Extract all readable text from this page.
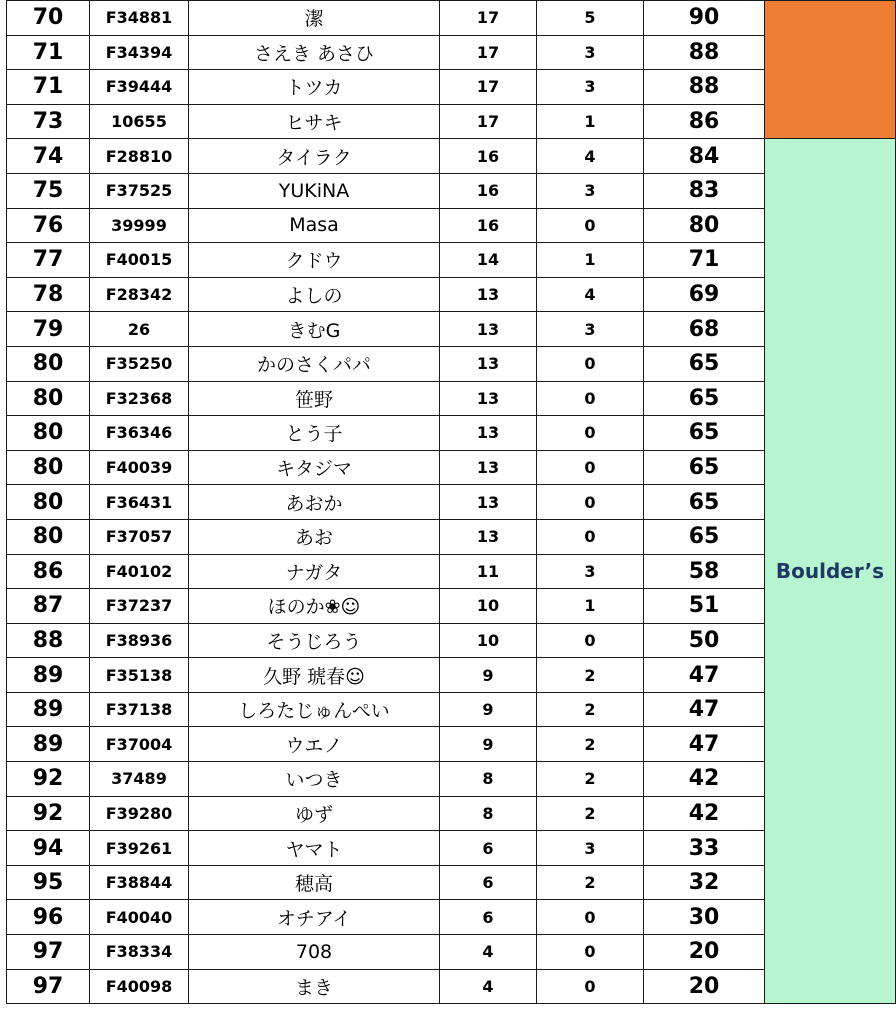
70	F34881	潔	17	5	90	
71	F34394	さえき あさひ	17	3	88	
71	F39444	トツカ	17	3	88	
73	10655	ヒサキ	17	1	86	
74	F28810	タイラク	16	4	84	Boulder’s
75	F37525	YUKiNA	16	3	83	
76	39999	Masa	16	0	80	
77	F40015	クドウ	14	1	71	
78	F28342	よしの	13	4	69	
79	26	きむG	13	3	68	
80	F35250	かのさくパパ	13	0	65	
80	F32368	笹野	13	0	65	
80	F36346	とう子	13	0	65	
80	F40039	キタジマ	13	0	65	
80	F36431	あおか	13	0	65	
80	F37057	あお	13	0	65	
86	F40102	ナガタ	11	3	58	
87	F37237	ほのか❀☺	10	1	51	
88	F38936	そうじろう	10	0	50	
89	F35138	久野 琥春☺	9	2	47	
89	F37138	しろたじゅんぺい	9	2	47	
89	F37004	ウエノ	9	2	47	
92	37489	いつき	8	2	42	
92	F39280	ゆず	8	2	42	
94	F39261	ヤマト	6	3	33	
95	F38844	穂高	6	2	32	
96	F40040	オチアイ	6	0	30	
97	F38334	708	4	0	20	
97	F40098	まき	4	0	20	
